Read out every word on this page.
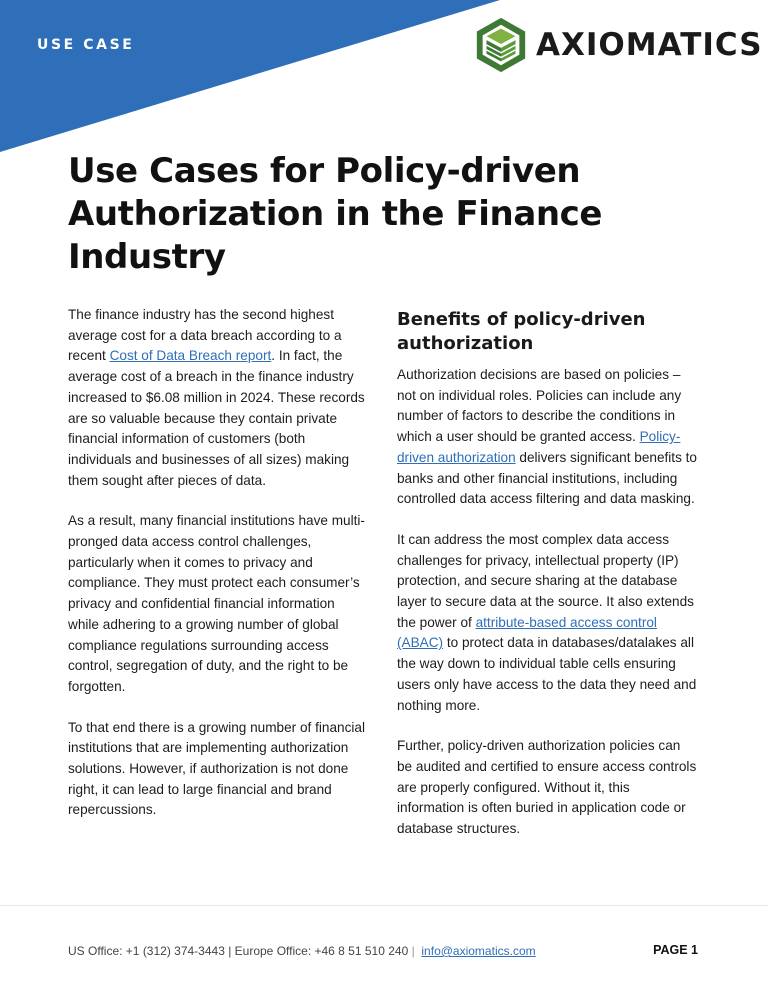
USE CASE	AXIOMATICS
Use Cases for Policy-driven Authorization in the Finance Industry

The finance industry has the second highest average cost for a data breach according to a recent Cost of Data Breach report. In fact, the average cost of a breach in the finance industry increased to $6.08 million in 2024. These records are so valuable because they contain private financial information of customers (both individuals and businesses of all sizes) making them sought after pieces of data.

As a result, many financial institutions have multi-pronged data access control challenges, particularly when it comes to privacy and compliance. They must protect each consumer’s privacy and confidential financial information while adhering to a growing number of global compliance regulations surrounding access control, segregation of duty, and the right to be forgotten.

To that end there is a growing number of financial institutions that are implementing authorization solutions. However, if authorization is not done right, it can lead to large financial and brand repercussions.

Benefits of policy-driven authorization

Authorization decisions are based on policies – not on individual roles. Policies can include any number of factors to describe the conditions in which a user should be granted access. Policy-driven authorization delivers significant benefits to banks and other financial institutions, including controlled data access filtering and data masking.

It can address the most complex data access challenges for privacy, intellectual property (IP) protection, and secure sharing at the database layer to secure data at the source. It also extends the power of attribute-based access control (ABAC) to protect data in databases/datalakes all the way down to individual table cells ensuring users only have access to the data they need and nothing more.

Further, policy-driven authorization policies can be audited and certified to ensure access controls are properly configured. Without it, this information is often buried in application code or database structures.

US Office: +1 (312) 374-3443 | Europe Office: +46 8 51 510 240 | info@axiomatics.com	PAGE 1
